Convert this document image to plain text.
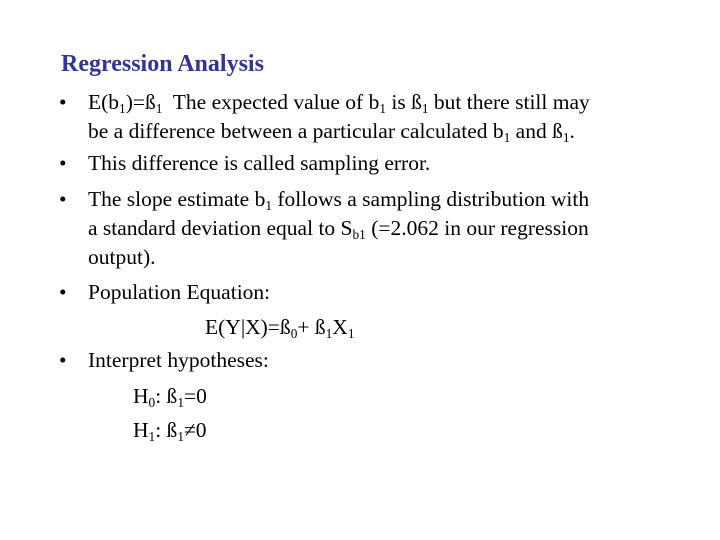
Regression Analysis
• $E(b_1)=ß_1$  The expected value of $b_1$ is $ß_1$ but there still may
be a difference between a particular calculated $b_1$ and $ß_1$.
• This difference is called sampling error.
• The slope estimate $b_1$ follows a sampling distribution with
a standard deviation equal to $S_{b1}$ (=2.062 in our regression
output).
• Population Equation:
$E(Y|X)=ß_0+$ $ß_1X_1$
• Interpret hypotheses:
$H_0$: $ß_1=0$
$H_1$: $ß_1\ne 0$
